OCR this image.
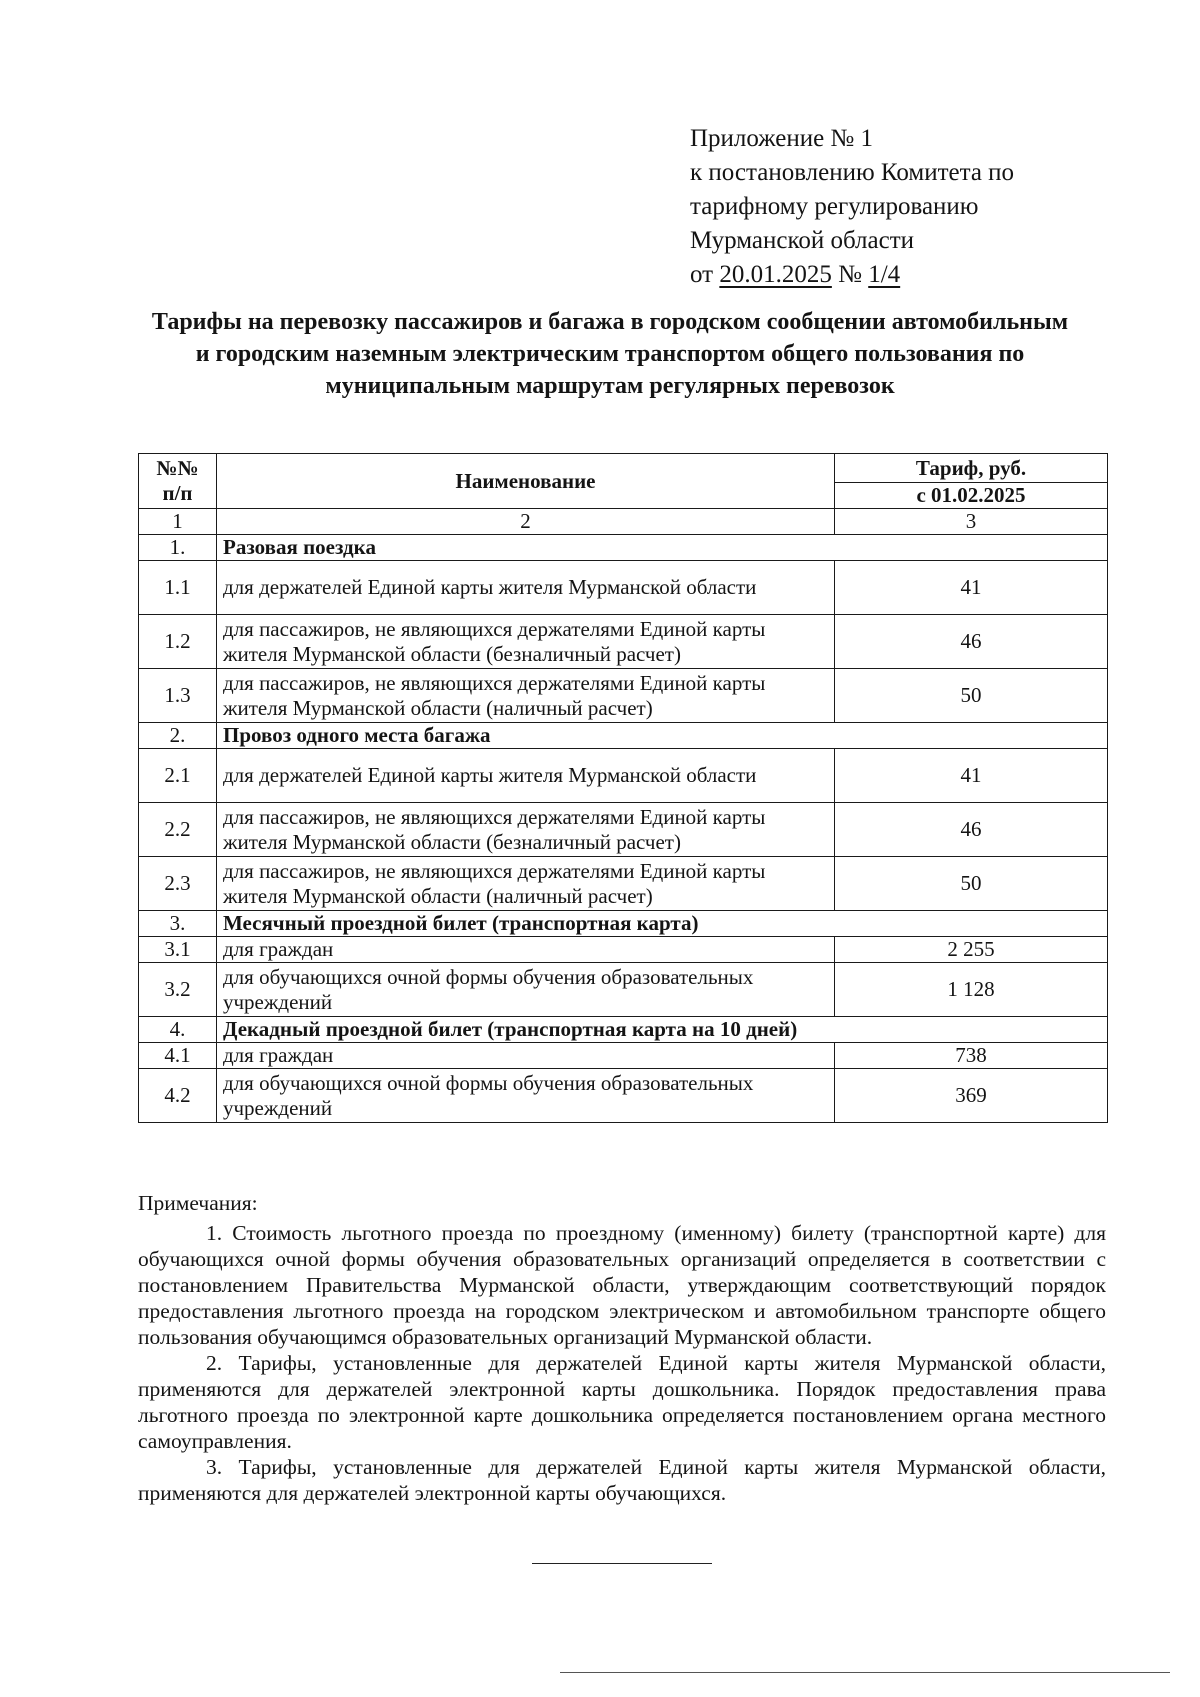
Приложение № 1
к постановлению Комитета по
тарифному регулированию
Мурманской области
от 20.01.2025 № 1/4
Тарифы на перевозку пассажиров и багажа в городском сообщении автомобильным и городским наземным электрическим транспортом общего пользования по муниципальным маршрутам регулярных перевозок
№№ п/п	Наименование	Тариф, руб.
		с 01.02.2025
1	2	3
1.	Разовая поездка	
1.1	для держателей Единой карты жителя Мурманской области	41
1.2	для пассажиров, не являющихся держателями Единой карты жителя Мурманской области (безналичный расчет)	46
1.3	для пассажиров, не являющихся держателями Единой карты жителя Мурманской области (наличный расчет)	50
2.	Провоз одного места багажа	
2.1	для держателей Единой карты жителя Мурманской области	41
2.2	для пассажиров, не являющихся держателями Единой карты жителя Мурманской области (безналичный расчет)	46
2.3	для пассажиров, не являющихся держателями Единой карты жителя Мурманской области (наличный расчет)	50
3.	Месячный проездной билет (транспортная карта)	
3.1	для граждан	2 255
3.2	для обучающихся очной формы обучения образовательных учреждений	1 128
4.	Декадный проездной билет (транспортная карта на 10 дней)	
4.1	для граждан	738
4.2	для обучающихся очной формы обучения образовательных учреждений	369
Примечания:

1. Стоимость льготного проезда по проездному (именному) билету (транспортной карте) для обучающихся очной формы обучения образовательных организаций определяется в соответствии с постановлением Правительства Мурманской области, утверждающим соответствующий порядок предоставления льготного проезда на городском электрическом и автомобильном транспорте общего пользования обучающимся образовательных организаций Мурманской области.

2. Тарифы, установленные для держателей Единой карты жителя Мурманской области, применяются для держателей электронной карты дошкольника. Порядок предоставления права льготного проезда по электронной карте дошкольника определяется постановлением органа местного самоуправления.

3. Тарифы, установленные для держателей Единой карты жителя Мурманской области, применяются для держателей электронной карты обучающихся.
